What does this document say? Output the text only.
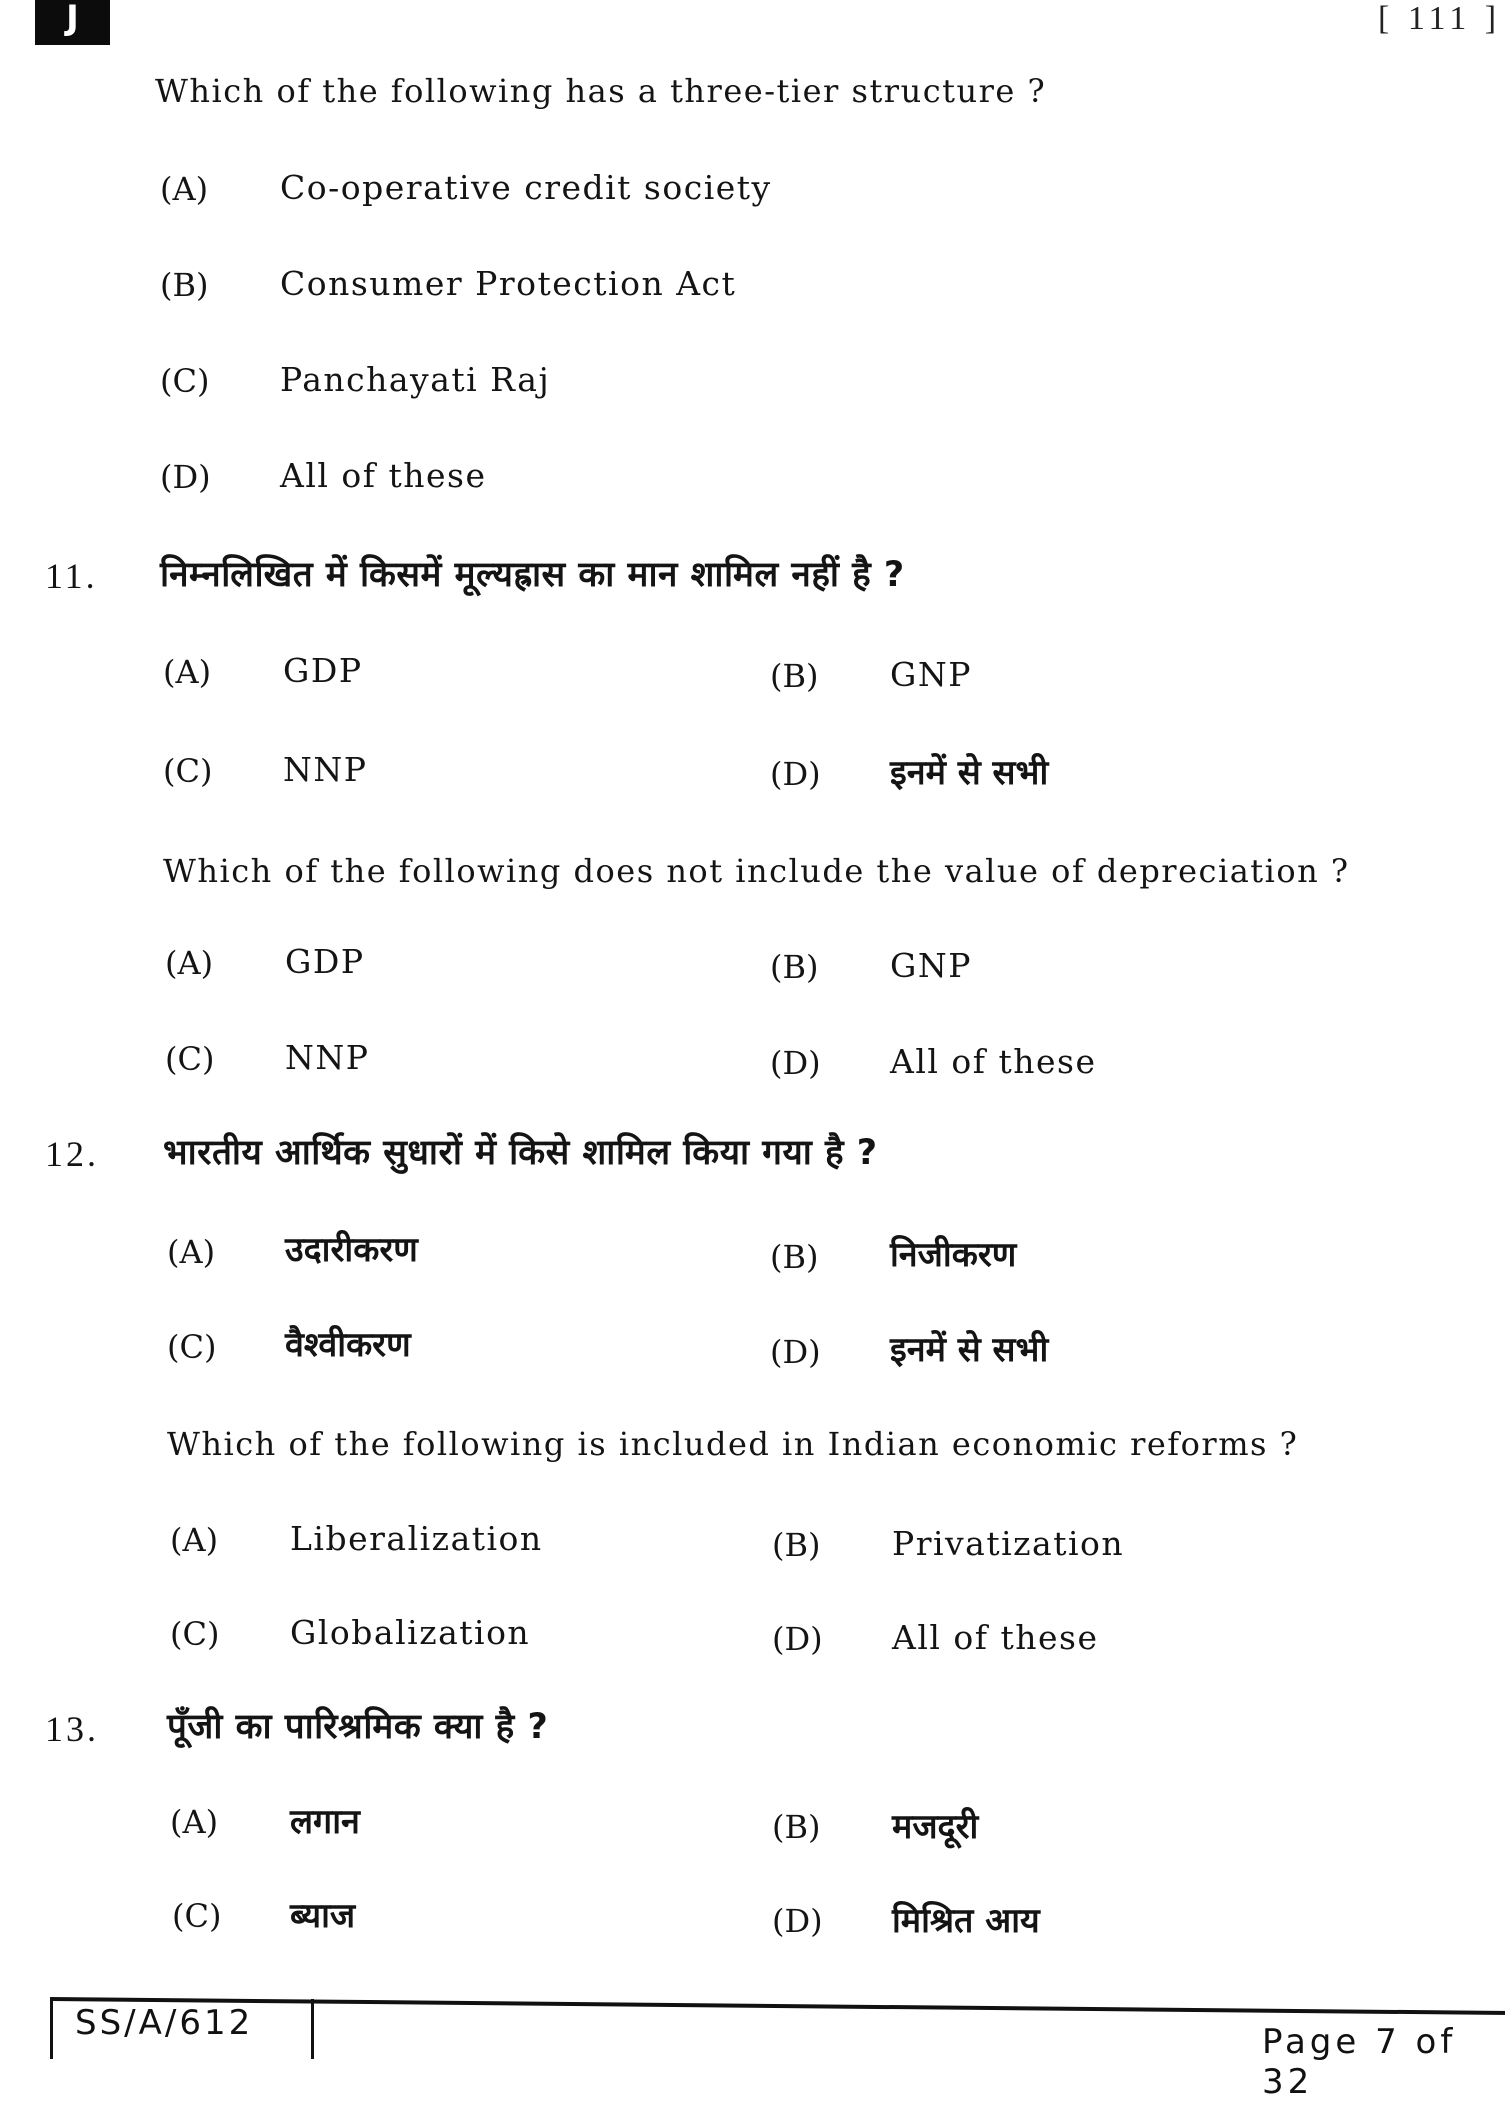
J	[ 111 ]
Which of the following has a three-tier structure ?
(A) Co-operative credit society
(B) Consumer Protection Act
(C) Panchayati Raj
(D) All of these
11. निम्नलिखित में किसमें मूल्यह्रास का मान शामिल नहीं है ?
(A) GDP	(B) GNP
(C) NNP	(D) इनमें से सभी
Which of the following does not include the value of depreciation ?
(A) GDP	(B) GNP
(C) NNP	(D) All of these
12. भारतीय आर्थिक सुधारों में किसे शामिल किया गया है ?
(A) उदारीकरण	(B) निजीकरण
(C) वैश्वीकरण	(D) इनमें से सभी
Which of the following is included in Indian economic reforms ?
(A) Liberalization	(B) Privatization
(C) Globalization	(D) All of these
13. पूँजी का पारिश्रमिक क्या है ?
(A) लगान	(B) मजदूरी
(C) ब्याज	(D) मिश्रित आय
SS/A/612	Page 7 of 32
